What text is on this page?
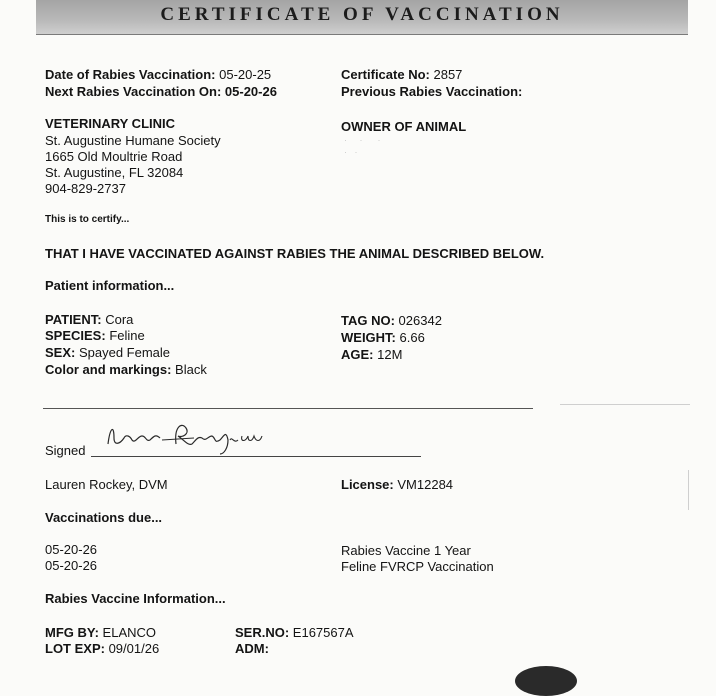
CERTIFICATE OF VACCINATION
Date of Rabies Vaccination: 05-20-25
Next Rabies Vaccination On: 05-20-26
Certificate No: 2857
Previous Rabies Vaccination:
VETERINARY CLINIC
St. Augustine Humane Society
1665 Old Moultrie Road
St. Augustine, FL 32084
904-829-2737
OWNER OF ANIMAL
·     ·      ·
·   ·
This is to certify...
THAT I HAVE VACCINATED AGAINST RABIES THE ANIMAL DESCRIBED BELOW.
Patient information...
PATIENT: Cora
SPECIES: Feline
SEX: Spayed Female
Color and markings: Black
TAG NO: 026342
WEIGHT: 6.66
AGE: 12M
Signed	Lauren Rockey, DVM
Lauren Rockey, DVM	License: VM12284
Vaccinations due...
05-20-26	Rabies Vaccine 1 Year
05-20-26	Feline FVRCP Vaccination
Rabies Vaccine Information...
MFG BY: ELANCO
LOT EXP: 09/01/26
SER.NO: E167567A
ADM:
